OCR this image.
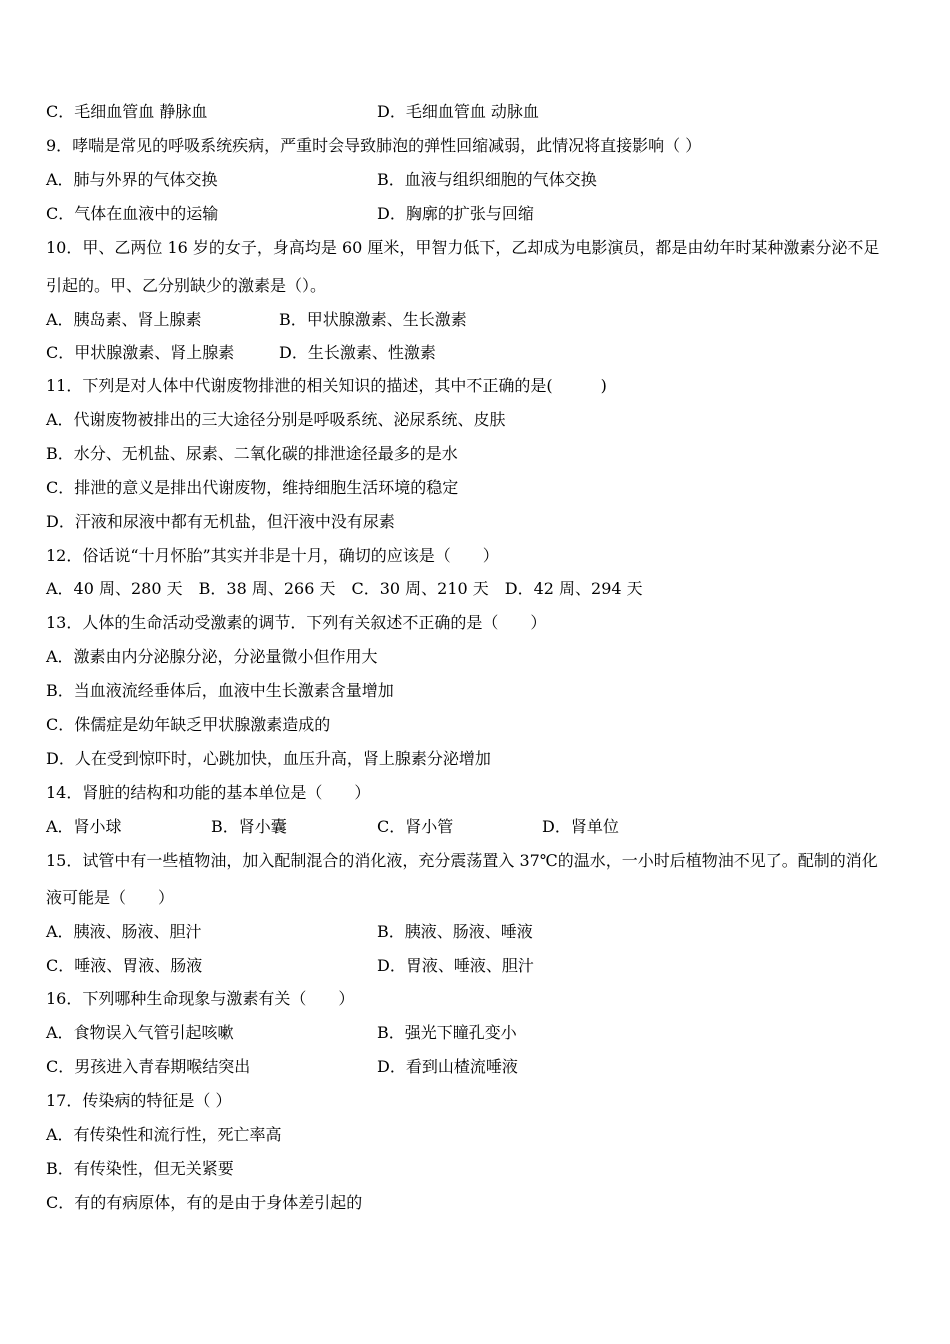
C．毛细血管血 静脉血	D．毛细血管血 动脉血
9．哮喘是常见的呼吸系统疾病，严重时会导致肺泡的弹性回缩减弱，此情况将直接影响（ ）
A．肺与外界的气体交换	B．血液与组织细胞的气体交换
C．气体在血液中的运输	D．胸廓的扩张与回缩
10．甲、乙两位 16 岁的女子，身高均是 60 厘米，甲智力低下，乙却成为电影演员，都是由幼年时某种激素分泌不足
引起的。甲、乙分别缺少的激素是（）。
A．胰岛素、肾上腺素	B．甲状腺激素、生长激素
C．甲状腺激素、肾上腺素	D．生长激素、性激素
11．下列是对人体中代谢废物排泄的相关知识的描述，其中不正确的是(　　　)
A．代谢废物被排出的三大途径分别是呼吸系统、泌尿系统、皮肤
B．水分、无机盐、尿素、二氧化碳的排泄途径最多的是水
C．排泄的意义是排出代谢废物，维持细胞生活环境的稳定
D．汗液和尿液中都有无机盐，但汗液中没有尿素
12．俗话说“十月怀胎”其实并非是十月，确切的应该是（　　）
A．40 周、280 天　B．38 周、266 天　C．30 周、210 天　D．42 周、294 天
13．人体的生命活动受激素的调节．下列有关叙述不正确的是（　　）
A．激素由内分泌腺分泌，分泌量微小但作用大
B．当血液流经垂体后，血液中生长激素含量增加
C．侏儒症是幼年缺乏甲状腺激素造成的
D．人在受到惊吓时，心跳加快，血压升高，肾上腺素分泌增加
14．肾脏的结构和功能的基本单位是（　　）
A．肾小球	B．肾小囊	C．肾小管	D．肾单位
15．试管中有一些植物油，加入配制混合的消化液，充分震荡置入 37℃的温水，一小时后植物油不见了。配制的消化
液可能是（　　）
A．胰液、肠液、胆汁	B．胰液、肠液、唾液
C．唾液、胃液、肠液	D．胃液、唾液、胆汁
16．下列哪种生命现象与激素有关（　　）
A．食物误入气管引起咳嗽	B．强光下瞳孔变小
C．男孩进入青春期喉结突出	D．看到山楂流唾液
17．传染病的特征是（ ）
A．有传染性和流行性，死亡率高
B．有传染性，但无关紧要
C．有的有病原体，有的是由于身体差引起的
